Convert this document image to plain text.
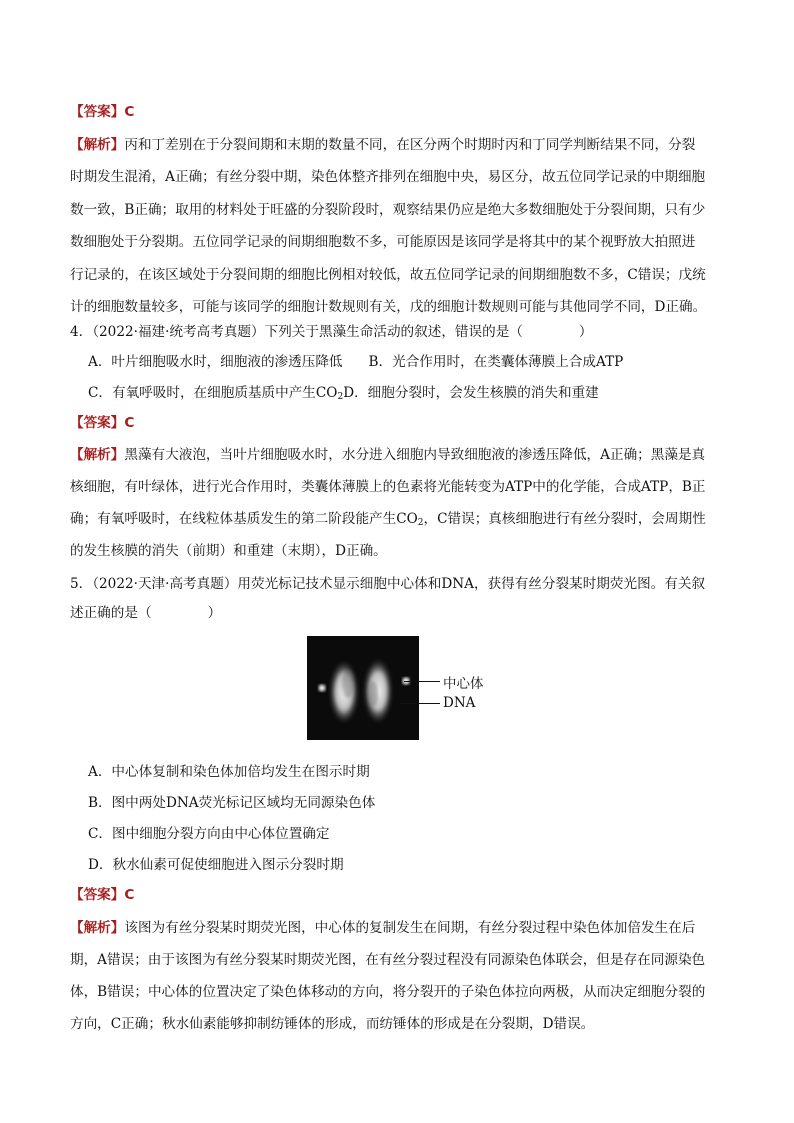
【答案】C
【解析】丙和丁差别在于分裂间期和末期的数量不同，在区分两个时期时丙和丁同学判断结果不同，分裂
时期发生混淆，A正确；有丝分裂中期，染色体整齐排列在细胞中央，易区分，故五位同学记录的中期细胞
数一致，B正确；取用的材料处于旺盛的分裂阶段时，观察结果仍应是绝大多数细胞处于分裂间期，只有少
数细胞处于分裂期。五位同学记录的间期细胞数不多，可能原因是该同学是将其中的某个视野放大拍照进
行记录的，在该区域处于分裂间期的细胞比例相对较低，故五位同学记录的间期细胞数不多，C错误；戊统
计的细胞数量较多，可能与该同学的细胞计数规则有关，戊的细胞计数规则可能与其他同学不同，D正确。
4．（2022·福建·统考高考真题）下列关于黑藻生命活动的叙述，错误的是（	）
A．叶片细胞吸水时，细胞液的渗透压降低 B．光合作用时，在类囊体薄膜上合成ATP
C．有氧呼吸时，在细胞质基质中产生$CO_2D$．细胞分裂时，会发生核膜的消失和重建
【答案】C
【解析】黑藻有大液泡，当叶片细胞吸水时，水分进入细胞内导致细胞液的渗透压降低，A正确；黑藻是真
核细胞，有叶绿体，进行光合作用时，类囊体薄膜上的色素将光能转变为ATP中的化学能，合成ATP，B正
确；有氧呼吸时，在线粒体基质发生的第二阶段能产生$CO_2$，C错误；真核细胞进行有丝分裂时，会周期性
的发生核膜的消失（前期）和重建（末期），D正确。
5．（2022·天津·高考真题）用荧光标记技术显示细胞中心体和DNA，获得有丝分裂某时期荧光图。有关叙
述正确的是（	）
中心体
DNA
A．中心体复制和染色体加倍均发生在图示时期
B．图中两处DNA荧光标记区域均无同源染色体
C．图中细胞分裂方向由中心体位置确定
D．秋水仙素可促使细胞进入图示分裂时期
【答案】C
【解析】该图为有丝分裂某时期荧光图，中心体的复制发生在间期，有丝分裂过程中染色体加倍发生在后
期，A错误；由于该图为有丝分裂某时期荧光图，在有丝分裂过程没有同源染色体联会，但是存在同源染色
体，B错误；中心体的位置决定了染色体移动的方向，将分裂开的子染色体拉向两极，从而决定细胞分裂的
方向，C正确；秋水仙素能够抑制纺锤体的形成，而纺锤体的形成是在分裂期，D错误。
